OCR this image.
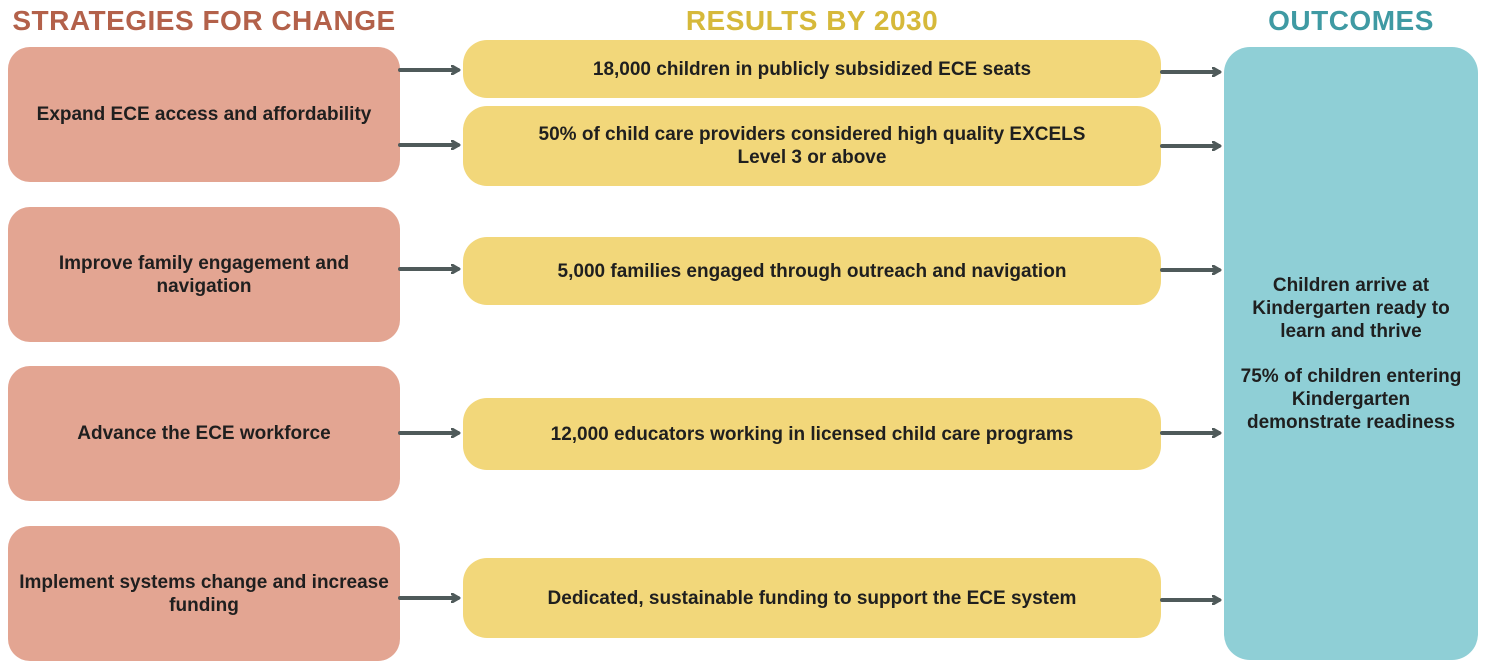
STRATEGIES FOR CHANGE	RESULTS BY 2030	OUTCOMES
Expand ECE access and affordability
Improve family engagement and
navigation
Advance the ECE workforce
Implement systems change and increase
funding
18,000 children in publicly subsidized ECE seats
50% of child care providers considered high quality EXCELS
Level 3 or above
5,000 families engaged through outreach and navigation
12,000 educators working in licensed child care programs
Dedicated, sustainable funding to support the ECE system
Children arrive at
Kindergarten ready to
learn and thrive
75% of children entering
Kindergarten
demonstrate readiness
